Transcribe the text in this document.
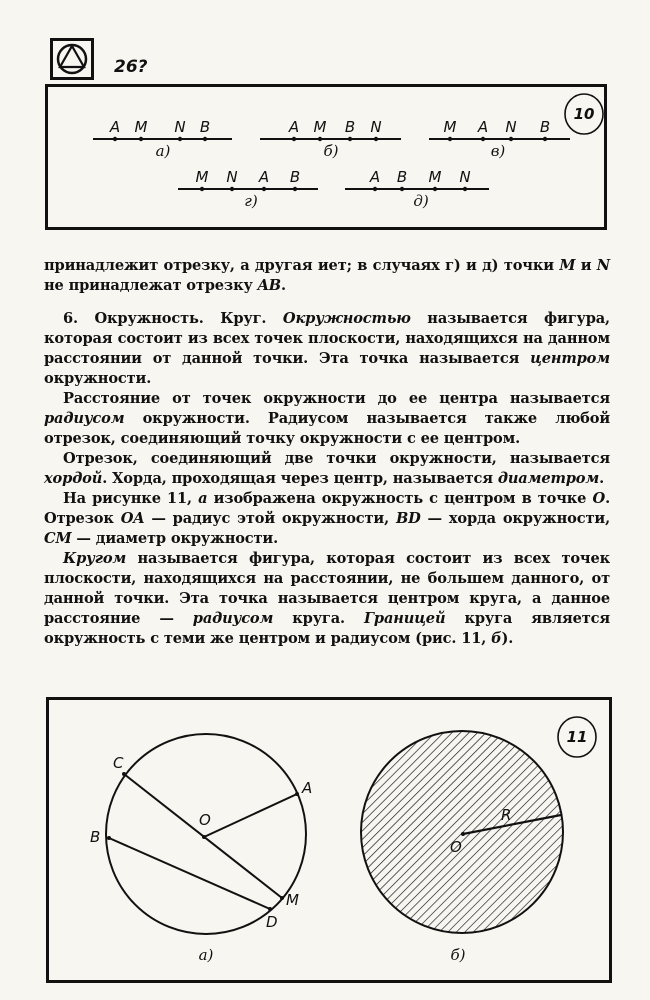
26?
10
A M N B
а)
A M B N
б)
M A N B
в)
M N A B
г)
A B M N
д)

принадлежит отрезку, а другая иет; в случаях г) и д) точки M и N не принадлежат отрезку AB.

6. Окружность. Круг. Окружностью называется фигура, которая состоит из всех точек плоскости, находящихся на данном расстоянии от данной точки. Эта точка называется центром окружности.

Расстояние от точек окружности до ее центра называется радиусом окружности. Радиусом называется также любой отрезок, соединяющий точку окружности с ее центром.

Отрезок, соединяющий две точки окружности, называется хордой. Хорда, проходящая через центр, называется диаметром.

На рисунке 11, а изображена окружность с центром в точке O. Отрезок OA — радиус этой окружности, BD — хорда окружности, CM — диаметр окружности.

Кругом называется фигура, которая состоит из всех точек плоскости, находящихся на расстоянии, не большем данного, от данной точки. Эта точка называется центром круга, а данное расстояние — радиусом круга. Границей круга является окружность с теми же центром и радиусом (рис. 11, б).

11
C
A
O
B
M
D
а)
R
O
б)
